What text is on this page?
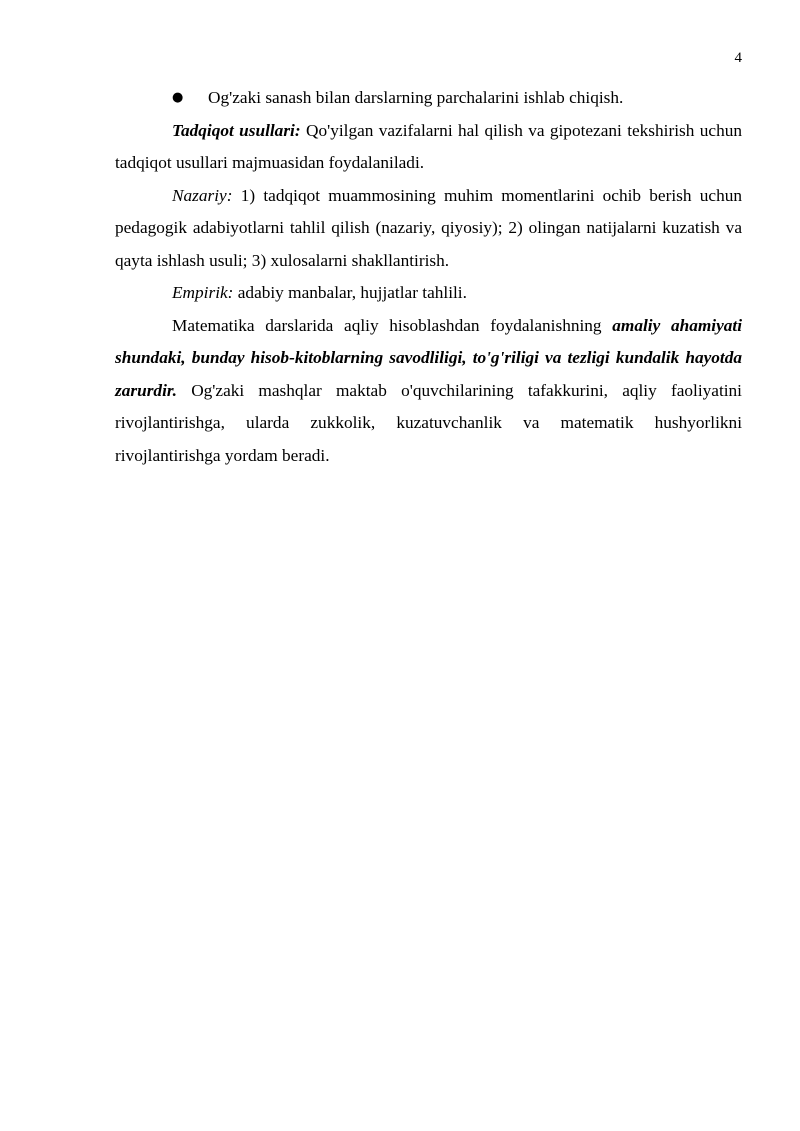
4
● Og'zaki sanash bilan darslarning parchalarini ishlab chiqish.

Tadqiqot usullari: Qo'yilgan vazifalarni hal qilish va gipotezani tekshirish uchun tadqiqot usullari majmuasidan foydalaniladi.

Nazariy: 1) tadqiqot muammosining muhim momentlarini ochib berish uchun pedagogik adabiyotlarni tahlil qilish (nazariy, qiyosiy); 2) olingan natijalarni kuzatish va qayta ishlash usuli; 3) xulosalarni shakllantirish.

Empirik: adabiy manbalar, hujjatlar tahlili.

Matematika darslarida aqliy hisoblashdan foydalanishning amaliy ahamiyati shundaki, bunday hisob-kitoblarning savodliligi, to'g'riligi va tezligi kundalik hayotda zarurdir. Og'zaki mashqlar maktab o'quvchilarining tafakkurini, aqliy faoliyatini rivojlantirishga, ularda zukkolik, kuzatuvchanlik va matematik hushyorlikni rivojlantirishga yordam beradi.
